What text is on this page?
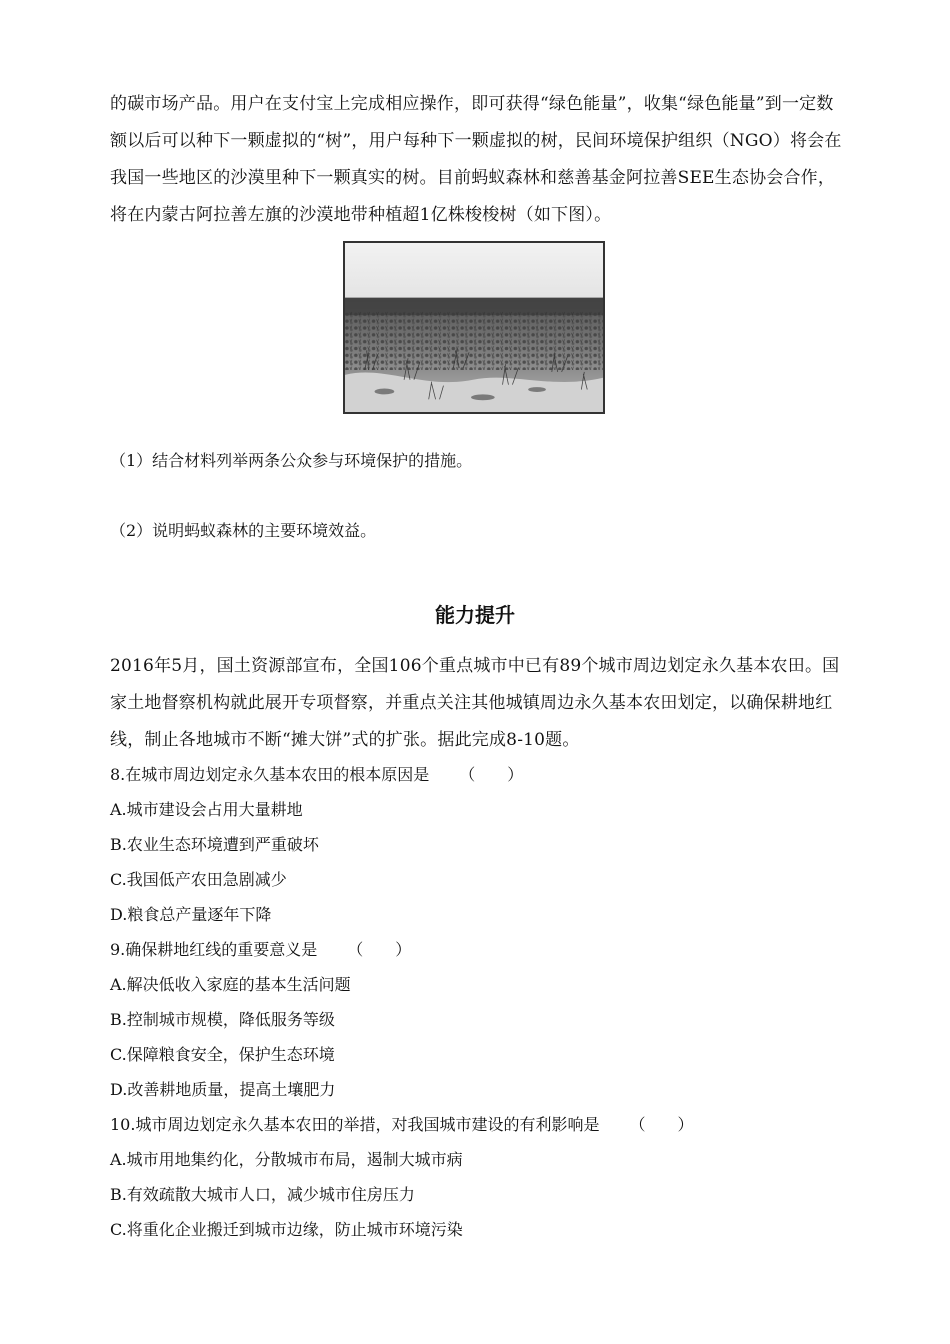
的碳市场产品。用户在支付宝上完成相应操作，即可获得“绿色能量”，收集“绿色能量”到一定数额以后可以种下一颗虚拟的“树”，用户每种下一颗虚拟的树，民间环境保护组织（NGO）将会在我国一些地区的沙漠里种下一颗真实的树。目前蚂蚁森林和慈善基金阿拉善SEE生态协会合作，将在内蒙古阿拉善左旗的沙漠地带种植超1亿株梭梭树（如下图）。
（1）结合材料列举两条公众参与环境保护的措施。
（2）说明蚂蚁森林的主要环境效益。
能力提升
2016年5月，国土资源部宣布，全国106个重点城市中已有89个城市周边划定永久基本农田。国家土地督察机构就此展开专项督察，并重点关注其他城镇周边永久基本农田划定，以确保耕地红线，制止各地城市不断“摊大饼”式的扩张。据此完成8-10题。
8.在城市周边划定永久基本农田的根本原因是 （　　）
A.城市建设会占用大量耕地
B.农业生态环境遭到严重破坏
C.我国低产农田急剧减少
D.粮食总产量逐年下降
9.确保耕地红线的重要意义是 （　　）
A.解决低收入家庭的基本生活问题
B.控制城市规模，降低服务等级
C.保障粮食安全，保护生态环境
D.改善耕地质量，提高土壤肥力
10.城市周边划定永久基本农田的举措，对我国城市建设的有利影响是 （　　）
A.城市用地集约化，分散城市布局，遏制大城市病
B.有效疏散大城市人口，减少城市住房压力
C.将重化企业搬迁到城市边缘，防止城市环境污染
